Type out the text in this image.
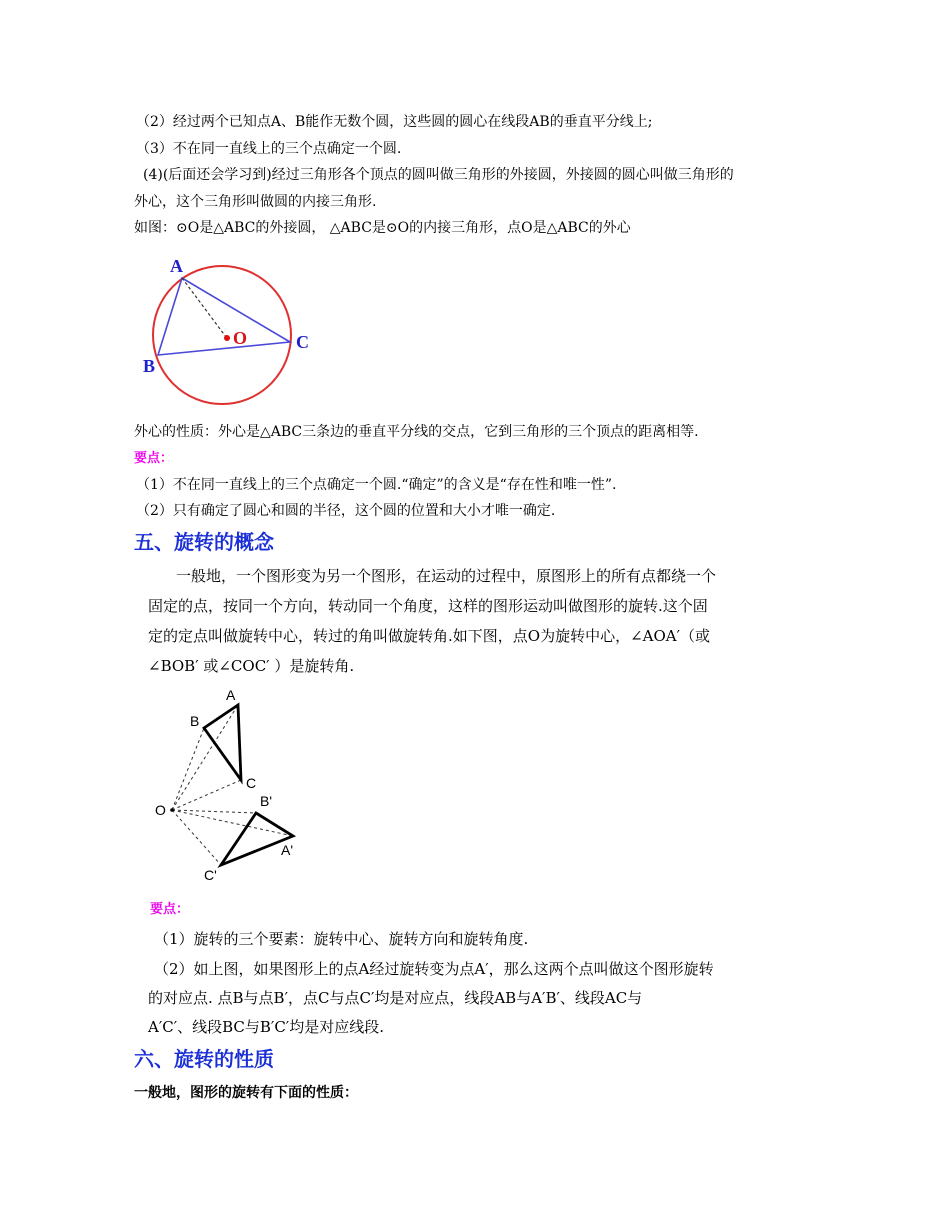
（2）经过两个已知点A、B能作无数个圆，这些圆的圆心在线段AB的垂直平分线上;
（3）不在同一直线上的三个点确定一个圆.
(4)(后面还会学习到)经过三角形各个顶点的圆叫做三角形的外接圆，外接圆的圆心叫做三角形的
外心，这个三角形叫做圆的内接三角形.
如图：⊙O是△ABC的外接圆， △ABC是⊙O的内接三角形，点O是△ABC的外心
A
B
C
O
外心的性质：外心是△ABC三条边的垂直平分线的交点，它到三角形的三个顶点的距离相等.
要点：
（1）不在同一直线上的三个点确定一个圆.“确定”的含义是“存在性和唯一性”.
（2）只有确定了圆心和圆的半径，这个圆的位置和大小才唯一确定.
五、旋转的概念
一般地，一个图形变为另一个图形，在运动的过程中，原图形上的所有点都绕一个
固定的点，按同一个方向，转动同一个角度，这样的图形运动叫做图形的旋转.这个固
定的定点叫做旋转中心，转过的角叫做旋转角.如下图，点O为旋转中心，∠AOA′（或
∠BOB′ 或∠COC′ ）是旋转角.
A
B
C
O
B'
A'
C'
要点：
（1）旋转的三个要素：旋转中心、旋转方向和旋转角度.
（2）如上图，如果图形上的点A经过旋转变为点A′，那么这两个点叫做这个图形旋转
的对应点. 点B与点B′，点C与点C′均是对应点，线段AB与A′B′、线段AC与
A′C′、线段BC与B′C′均是对应线段.
六、旋转的性质
一般地，图形的旋转有下面的性质：
